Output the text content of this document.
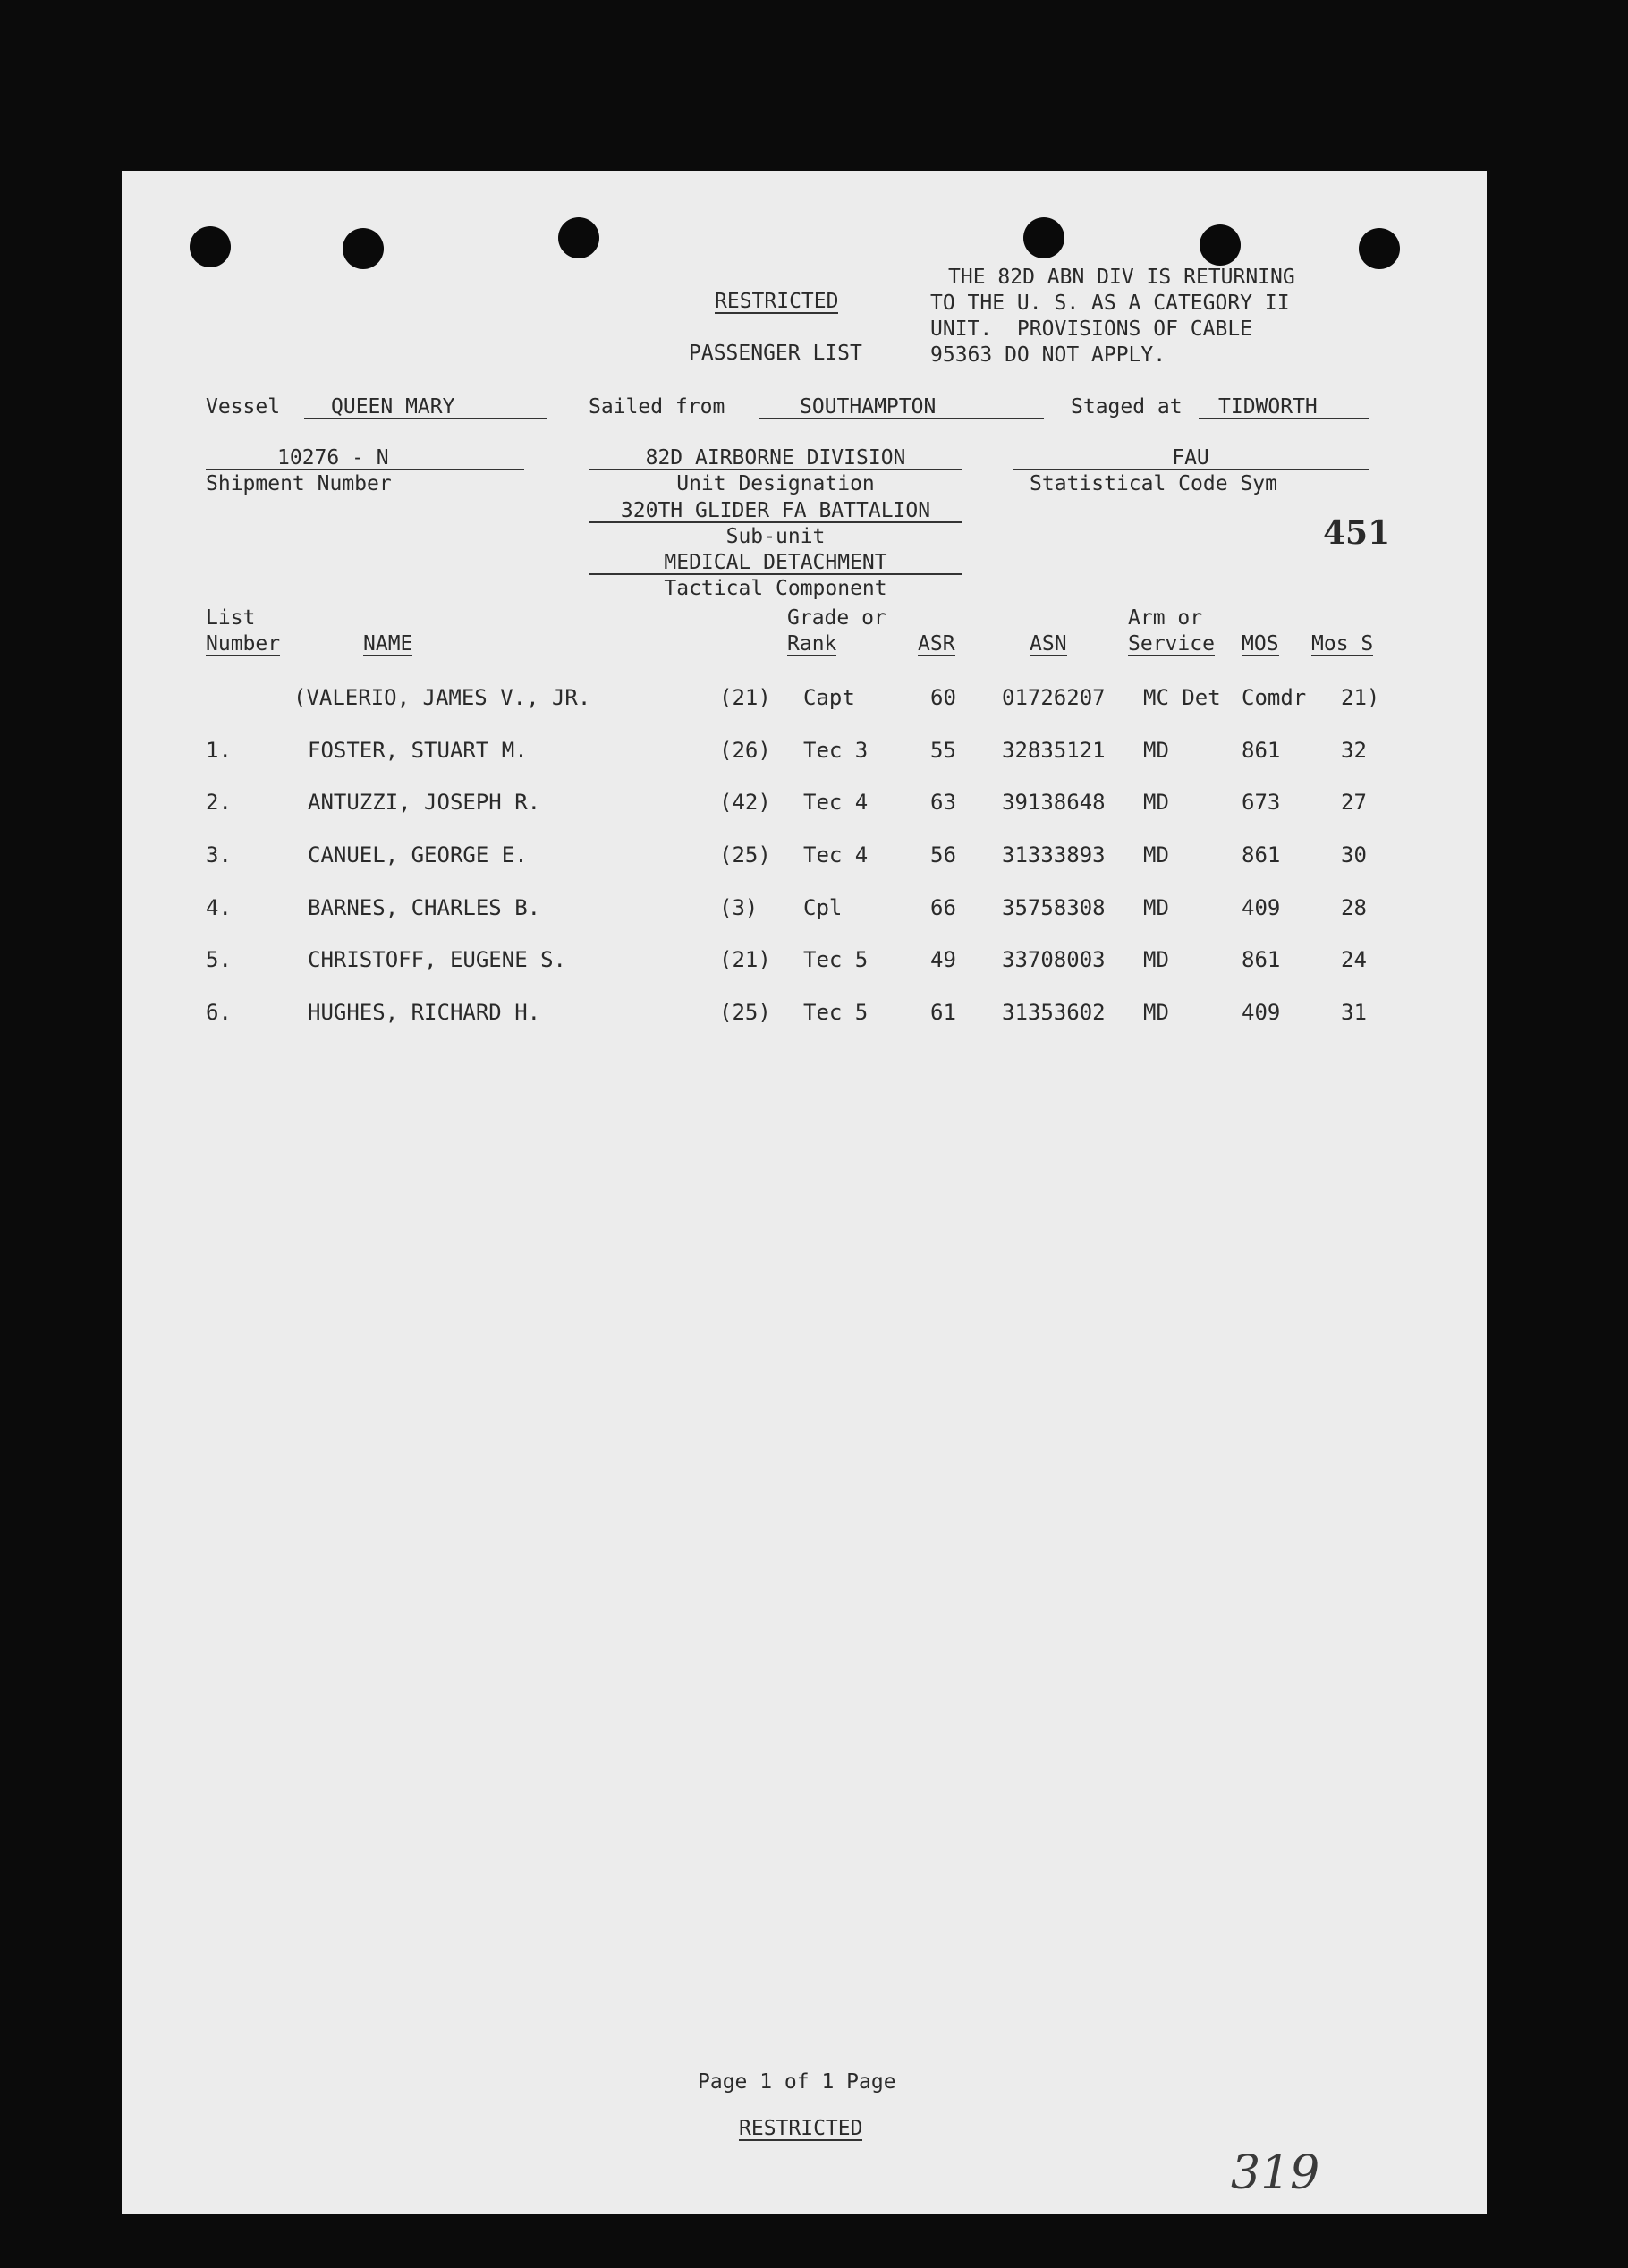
RESTRICTED
PASSENGER LIST
THE 82D ABN DIV IS RETURNING
TO THE U. S. AS A CATEGORY II
UNIT.  PROVISIONS OF CABLE
95363 DO NOT APPLY.
Vessel	QUEEN MARY	Sailed from	SOUTHAMPTON	Staged at	TIDWORTH
10276 - N
Shipment Number
82D AIRBORNE DIVISION
Unit Designation
320TH GLIDER FA BATTALION
Sub-unit
MEDICAL DETACHMENT
Tactical Component
FAU
Statistical Code Sym
451
List
Number	NAME
Grade or
Rank	ASR	ASN
Arm or
Service MOS Mos S
(VALERIO, JAMES V., JR.	(21) Capt	60 01726207 MC Det Comdr 21)
1.	FOSTER, STUART M.	(26) Tec 3	55 32835121 MD	861	32
2.	ANTUZZI, JOSEPH R.	(42) Tec 4	63 39138648 MD	673	27
3.	CANUEL, GEORGE E.	(25) Tec 4	56 31333893 MD	861	30
4.	BARNES, CHARLES B.	(3) Cpl	66 35758308 MD	409	28
5.	CHRISTOFF, EUGENE S.	(21) Tec 5	49 33708003 MD	861	24
6.	HUGHES, RICHARD H.	(25) Tec 5	61 31353602 MD	409	31
Page 1 of 1 Page
RESTRICTED
319
